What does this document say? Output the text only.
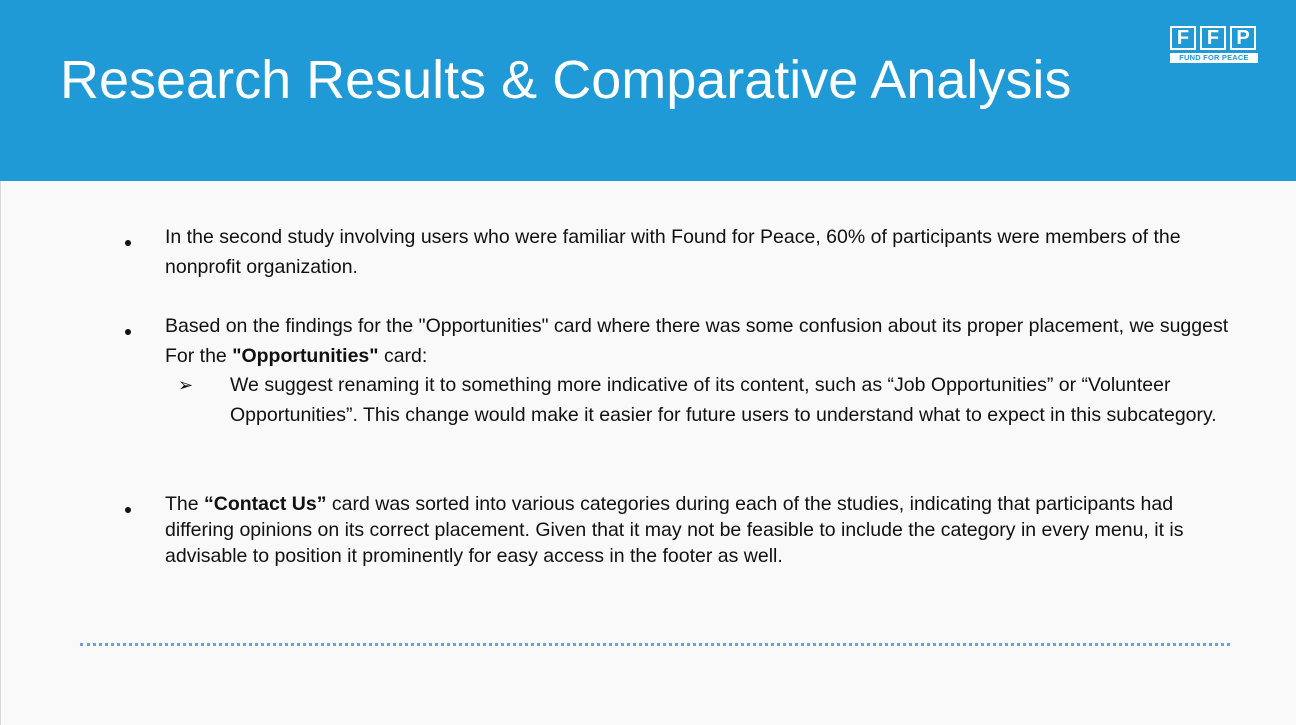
Research Results & Comparative Analysis
F F P
FUND FOR PEACE
In the second study involving users who were familiar with Found for Peace, 60% of participants were members of the nonprofit organization.
Based on the findings for the "Opportunities" card where there was some confusion about its proper placement, we suggest For the "Opportunities" card:
➢ We suggest renaming it to something more indicative of its content, such as “Job Opportunities” or “Volunteer Opportunities”. This change would make it easier for future users to understand what to expect in this subcategory.
The “Contact Us” card was sorted into various categories during each of the studies, indicating that participants had differing opinions on its correct placement. Given that it may not be feasible to include the category in every menu, it is advisable to position it prominently for easy access in the footer as well.
